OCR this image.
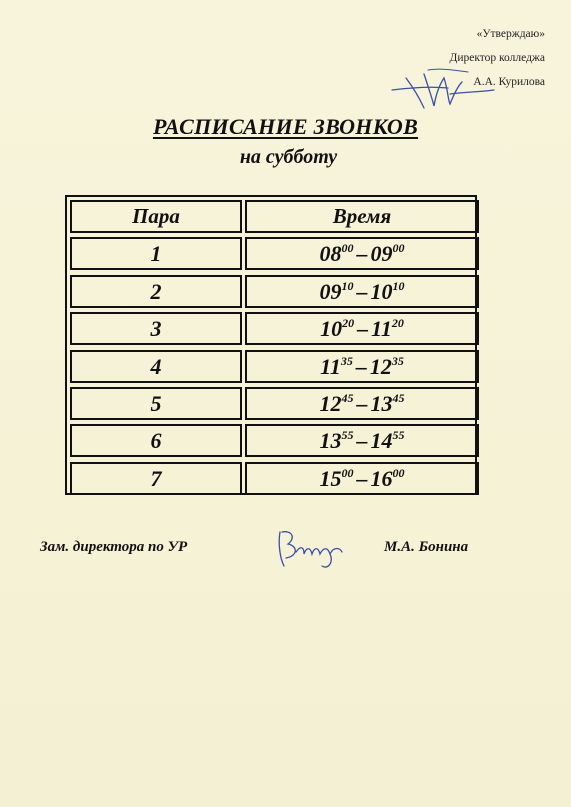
«Утверждаю»
Директор колледжа
А.А. Курилова
РАСПИСАНИЕ ЗВОНКОВ
на субботу
Пара	Время
1	$08^{00} - 09^{00}$
2	$09^{10} - 10^{10}$
3	$10^{20} - 11^{20}$
4	$11^{35} - 12^{35}$
5	$12^{45} - 13^{45}$
6	$13^{55} - 14^{55}$
7	$15^{00} - 16^{00}$
Зам. директора по УР	М.А. Бонина
